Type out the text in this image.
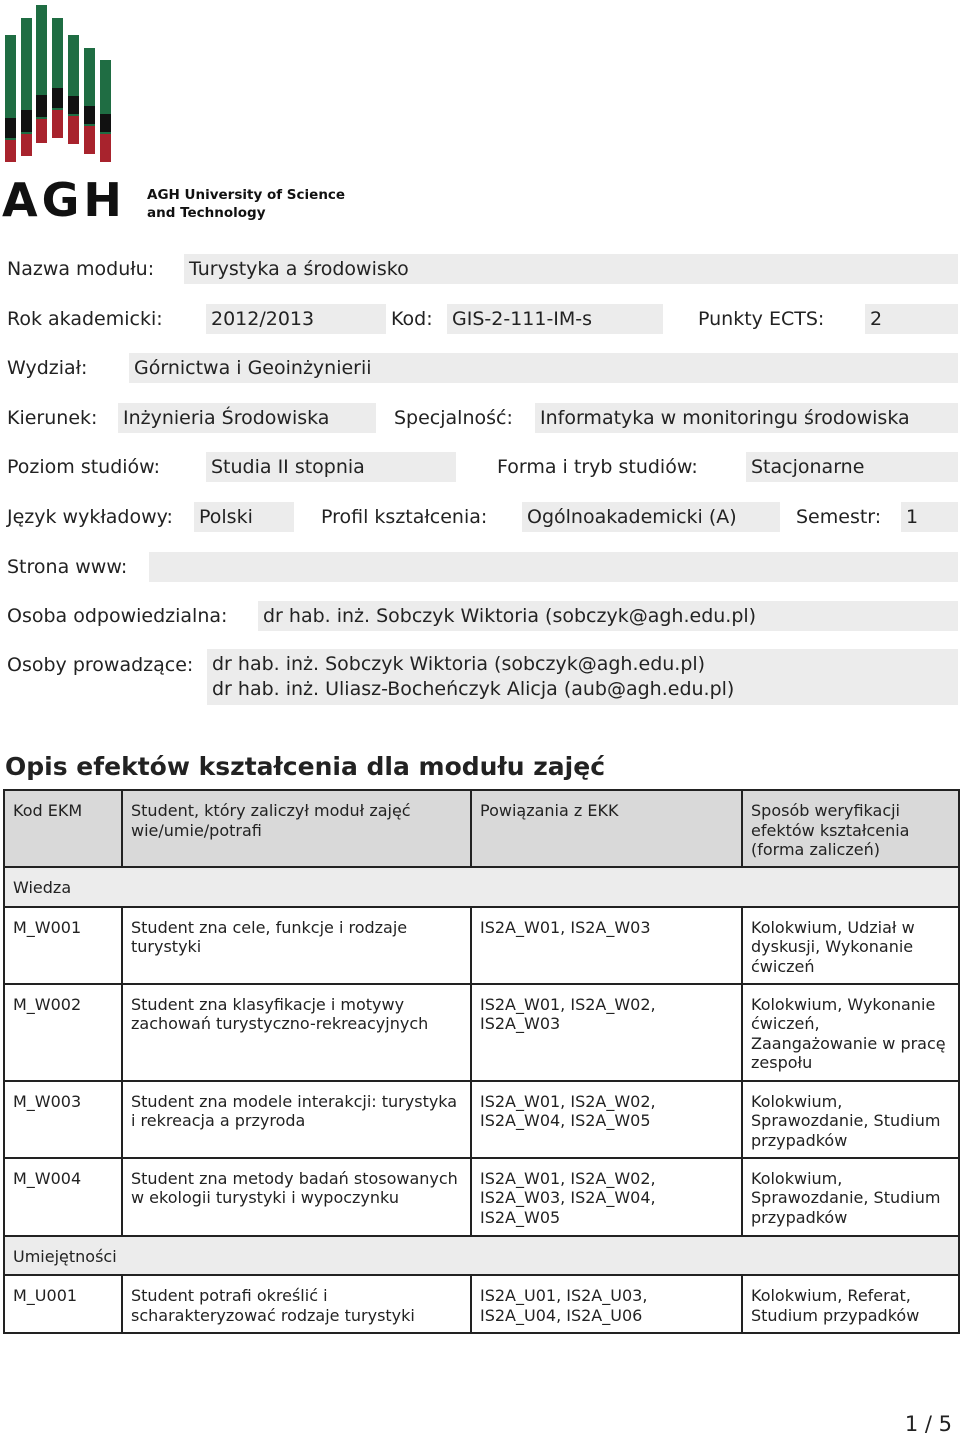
AGH AGH University of Science
and Technology
Nazwa modułu: Turystyka a środowisko
Rok akademicki:	2012/2013	Kod: GIS-2-111-IM-s	Punkty ECTS: 2
Wydział: Górnictwa i Geoinżynierii
Kierunek: Inżynieria Środowiska	Specjalność: Informatyka w monitoringu środowiska
Poziom studiów:	Studia II stopnia	Forma i tryb studiów:	Stacjonarne
Język wykładowy: Polski	Profil kształcenia: Ogólnoakademicki (A)	Semestr: 1
Strona www:
Osoba odpowiedzialna: dr hab. inż. Sobczyk Wiktoria (sobczyk@agh.edu.pl)
Osoby prowadzące: dr hab. inż. Sobczyk Wiktoria (sobczyk@agh.edu.pl)
dr hab. inż. Uliasz-Bocheńczyk Alicja (aub@agh.edu.pl)
Opis efektów kształcenia dla modułu zajęć
Kod EKM	Student, który zaliczył moduł zajęć wie/umie/potrafi	Powiązania z EKK	Sposób weryfikacji efektów kształcenia (forma zaliczeń)
Wiedza			
M_W001	Student zna cele, funkcje i rodzaje turystyki	IS2A_W01, IS2A_W03	Kolokwium, Udział w dyskusji, Wykonanie ćwiczeń
M_W002	Student zna klasyfikacje i motywy zachowań turystyczno-rekreacyjnych	IS2A_W01, IS2A_W02, IS2A_W03	Kolokwium, Wykonanie ćwiczeń, Zaangażowanie w pracę zespołu
M_W003	Student zna modele interakcji: turystyka i rekreacja a przyroda	IS2A_W01, IS2A_W02, IS2A_W04, IS2A_W05	Kolokwium, Sprawozdanie, Studium przypadków
M_W004	Student zna metody badań stosowanych w ekologii turystyki i wypoczynku	IS2A_W01, IS2A_W02, IS2A_W03, IS2A_W04, IS2A_W05	Kolokwium, Sprawozdanie, Studium przypadków
Umiejętności			
M_U001	Student potrafi określić i scharakteryzować rodzaje turystyki	IS2A_U01, IS2A_U03, IS2A_U04, IS2A_U06	Kolokwium, Referat, Studium przypadków
1 / 5
